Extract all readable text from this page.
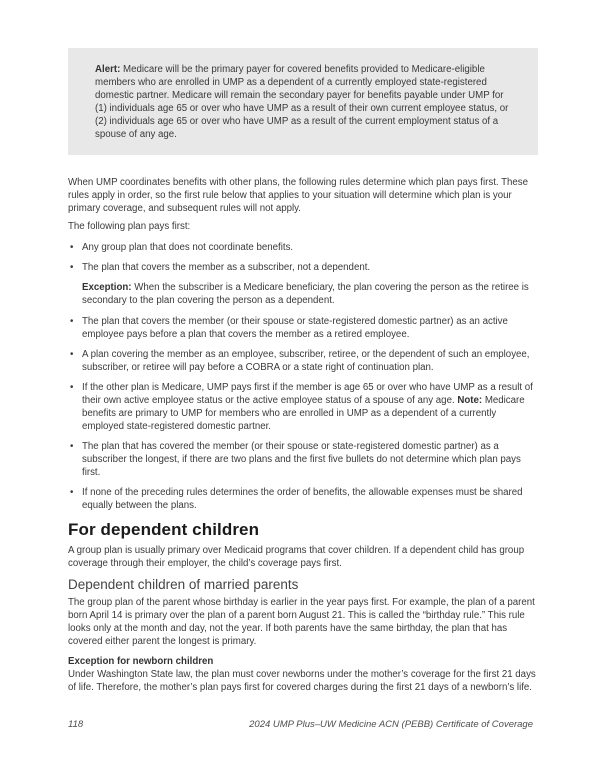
Alert: Medicare will be the primary payer for covered benefits provided to Medicare-eligible members who are enrolled in UMP as a dependent of a currently employed state-registered domestic partner. Medicare will remain the secondary payer for benefits payable under UMP for (1) individuals age 65 or over who have UMP as a result of their own current employee status, or (2) individuals age 65 or over who have UMP as a result of the current employment status of a spouse of any age.

When UMP coordinates benefits with other plans, the following rules determine which plan pays first. These rules apply in order, so the first rule below that applies to your situation will determine which plan is your primary coverage, and subsequent rules will not apply.

The following plan pays first:

• Any group plan that does not coordinate benefits.
• The plan that covers the member as a subscriber, not a dependent.

Exception: When the subscriber is a Medicare beneficiary, the plan covering the person as the retiree is secondary to the plan covering the person as a dependent.

• The plan that covers the member (or their spouse or state-registered domestic partner) as an active employee pays before a plan that covers the member as a retired employee.
• A plan covering the member as an employee, subscriber, retiree, or the dependent of such an employee, subscriber, or retiree will pay before a COBRA or a state right of continuation plan.
• If the other plan is Medicare, UMP pays first if the member is age 65 or over who have UMP as a result of their own active employee status or the active employee status of a spouse of any age. Note: Medicare benefits are primary to UMP for members who are enrolled in UMP as a dependent of a currently employed state-registered domestic partner.
• The plan that has covered the member (or their spouse or state-registered domestic partner) as a subscriber the longest, if there are two plans and the first five bullets do not determine which plan pays first.
• If none of the preceding rules determines the order of benefits, the allowable expenses must be shared equally between the plans.
For dependent children

A group plan is usually primary over Medicaid programs that cover children. If a dependent child has group coverage through their employer, the child’s coverage pays first.

Dependent children of married parents

The group plan of the parent whose birthday is earlier in the year pays first. For example, the plan of a parent born April 14 is primary over the plan of a parent born August 21. This is called the “birthday rule.” This rule looks only at the month and day, not the year. If both parents have the same birthday, the plan that has covered either parent the longest is primary.

Exception for newborn children

Under Washington State law, the plan must cover newborns under the mother’s coverage for the first 21 days of life. Therefore, the mother’s plan pays first for covered charges during the first 21 days of a newborn’s life.

118	2024 UMP Plus–UW Medicine ACN (PEBB) Certificate of Coverage
